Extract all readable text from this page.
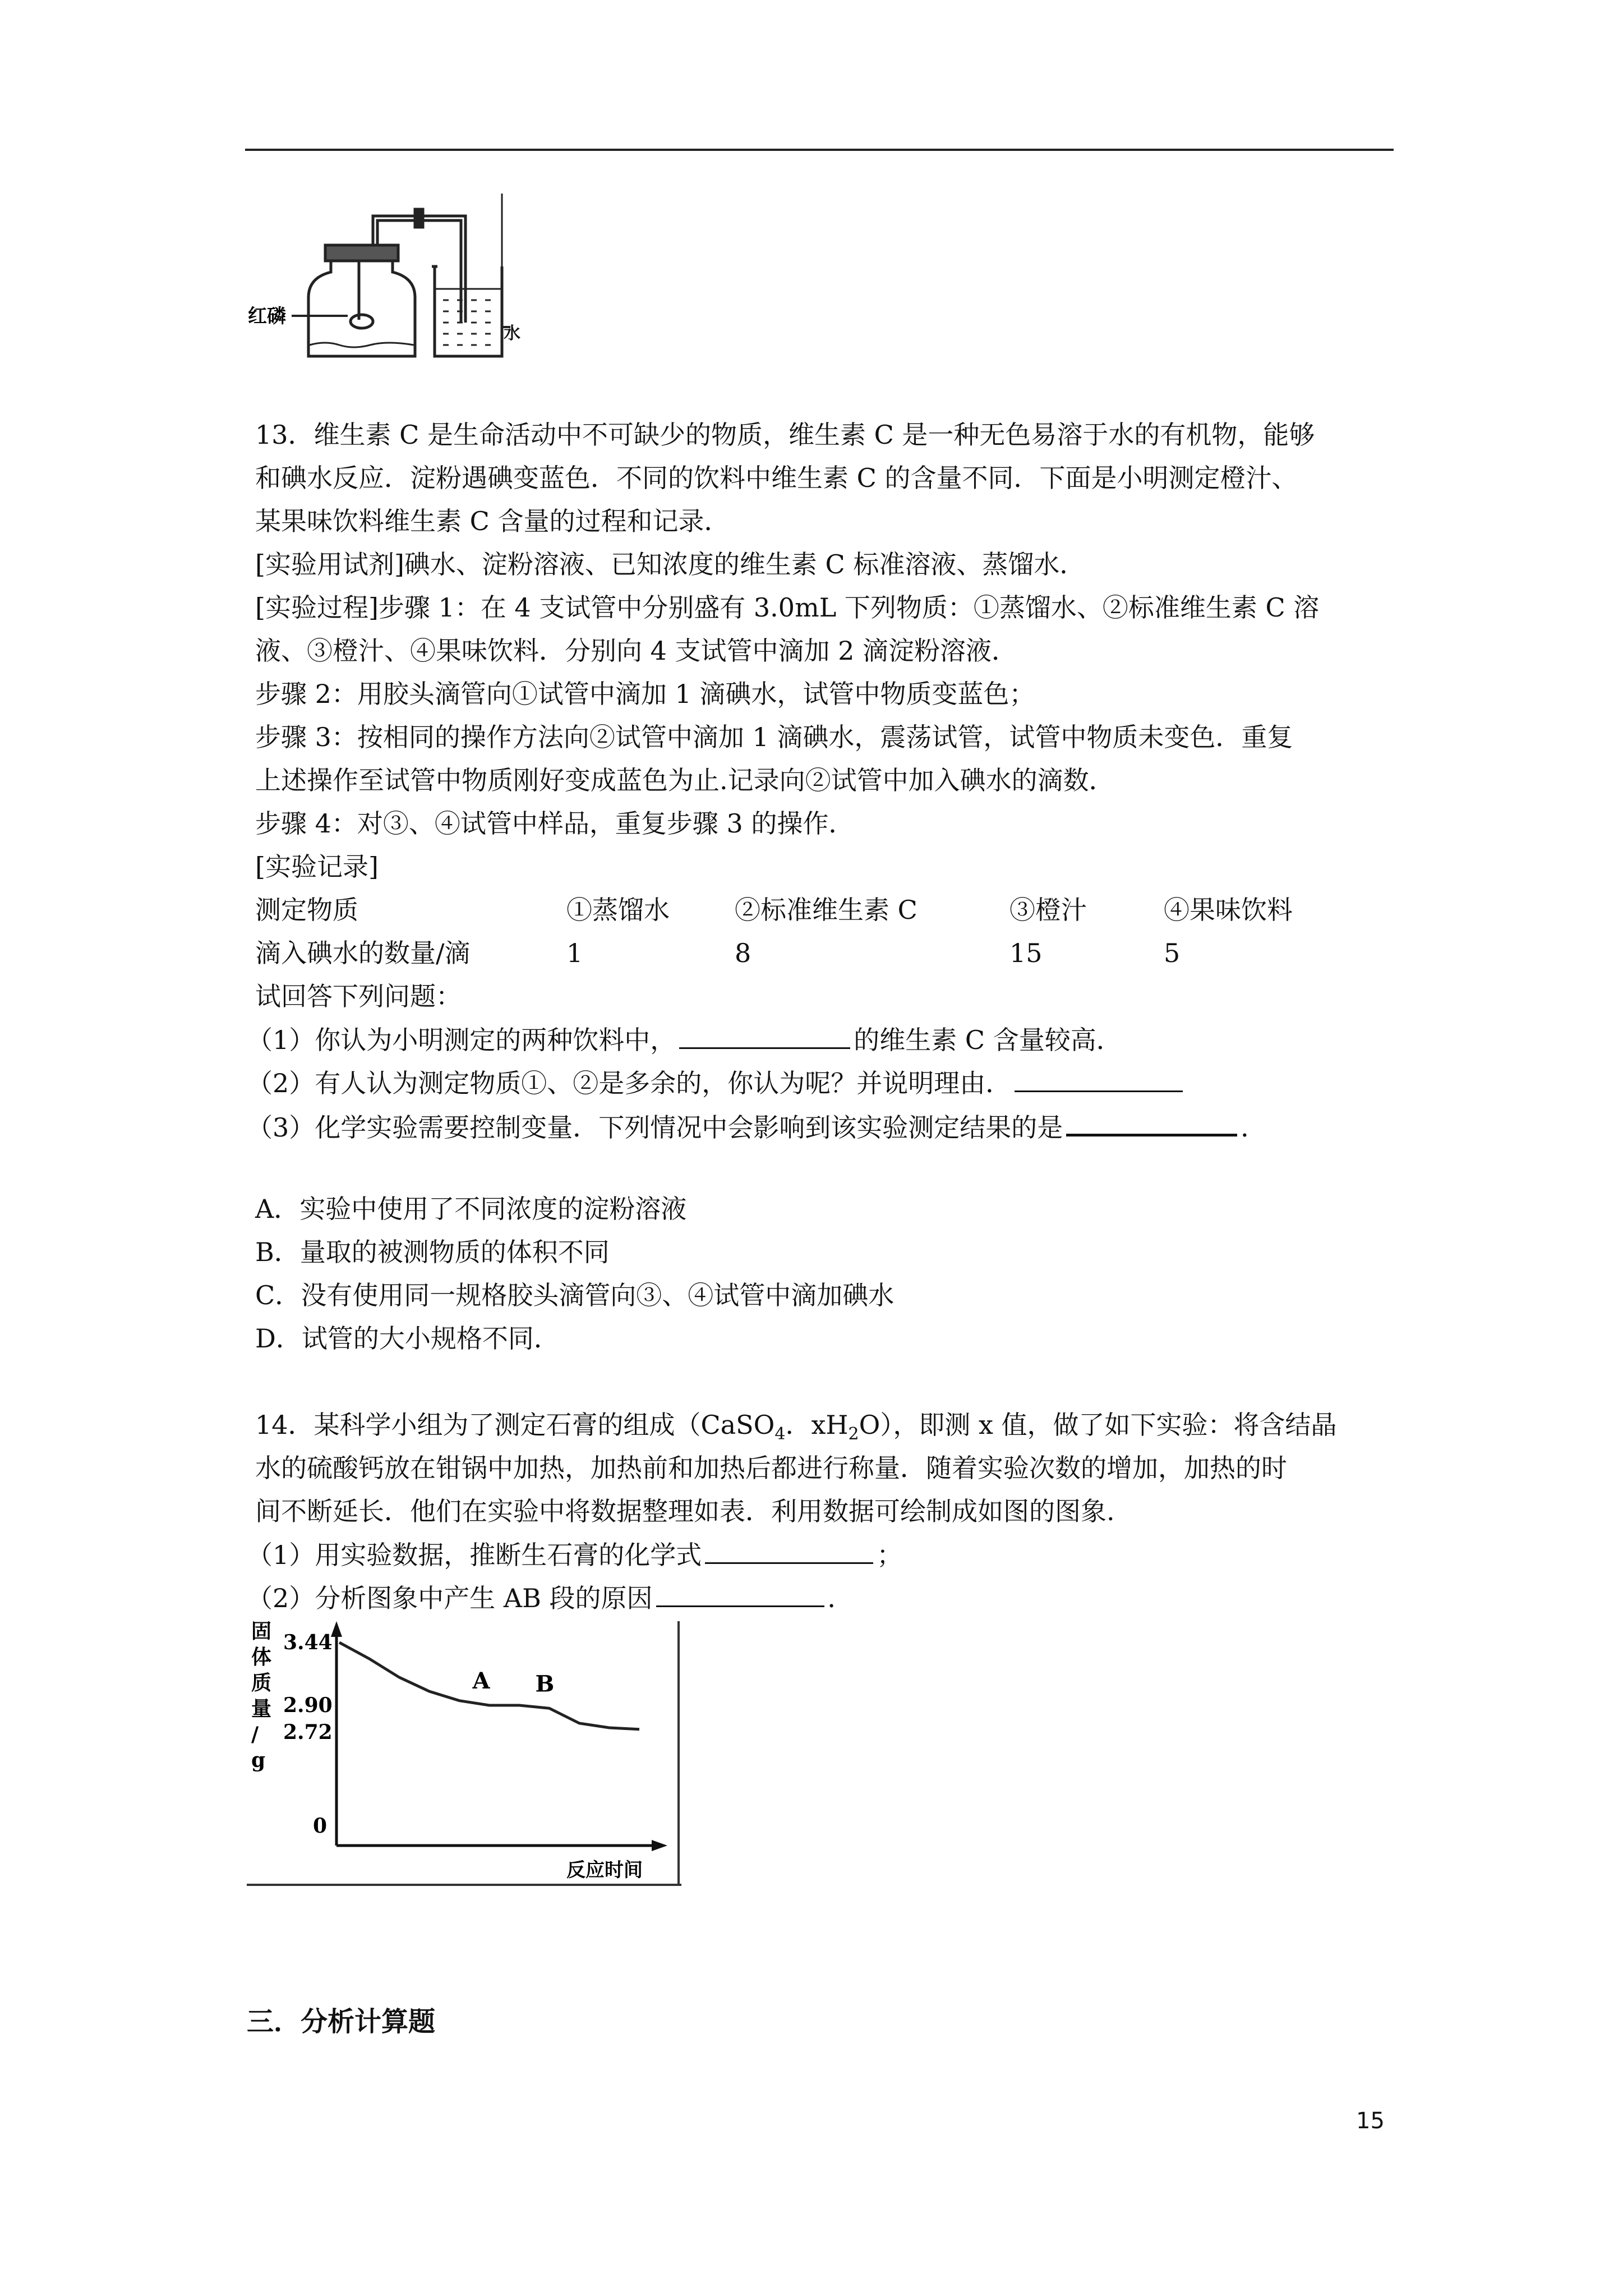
红磷
水
13．维生素 C 是生命活动中不可缺少的物质，维生素 C 是一种无色易溶于水的有机物，能够
和碘水反应．淀粉遇碘变蓝色．不同的饮料中维生素 C 的含量不同．下面是小明测定橙汁、
某果味饮料维生素 C 含量的过程和记录．
[实验用试剂]碘水、淀粉溶液、已知浓度的维生素 C 标准溶液、蒸馏水．
[实验过程]步骤 1：在 4 支试管中分别盛有 3.0mL 下列物质：①蒸馏水、②标准维生素 C 溶
液、③橙汁、④果味饮料．分别向 4 支试管中滴加 2 滴淀粉溶液．
步骤 2：用胶头滴管向①试管中滴加 1 滴碘水，试管中物质变蓝色；
步骤 3：按相同的操作方法向②试管中滴加 1 滴碘水，震荡试管，试管中物质未变色．重复
上述操作至试管中物质刚好变成蓝色为止.记录向②试管中加入碘水的滴数．
步骤 4：对③、④试管中样品，重复步骤 3 的操作．
[实验记录]
测定物质	①蒸馏水	②标准维生素 C	③橙汁	④果味饮料
滴入碘水的数量/滴	1	8	15	5
试回答下列问题：
（1）你认为小明测定的两种饮料中，	的维生素 C 含量较高．
（2）有人认为测定物质①、②是多余的，你认为呢？并说明理由．
（3）化学实验需要控制变量．下列情况中会影响到该实验测定结果的是	．
A．实验中使用了不同浓度的淀粉溶液
B．量取的被测物质的体积不同
C．没有使用同一规格胶头滴管向③、④试管中滴加碘水
D．试管的大小规格不同．
14．某科学小组为了测定石膏的组成（CaSO$_4$．$xH_2O$），即测 x 值，做了如下实验：将含结晶
水的硫酸钙放在钳锅中加热，加热前和加热后都进行称量．随着实验次数的增加，加热的时
间不断延长．他们在实验中将数据整理如表．利用数据可绘制成如图的图象.
（1）用实验数据，推断生石膏的化学式	；
（2）分析图象中产生 AB 段的原因	．
固
体
质
量
/
g
反应时间
3.44
2.90
2.72
0
A B
三．分析计算题
15
